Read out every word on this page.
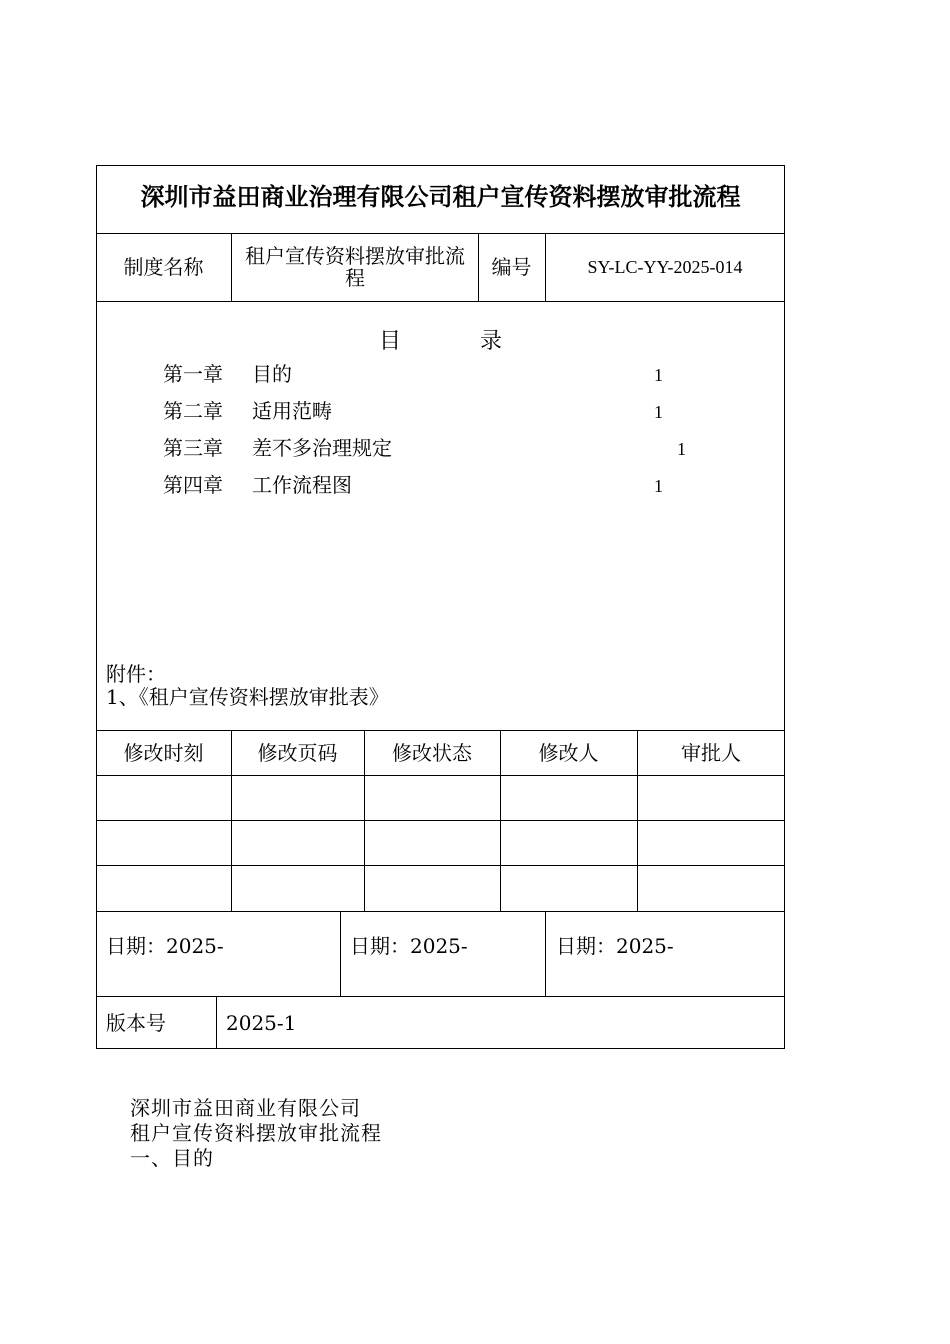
深圳市益田商业治理有限公司租户宣传资料摆放审批流程
制度名称	租户宣传资料摆放审批流程	编号	SY-LC-YY-2025-014
目 录
第一章 目的	1
第二章 适用范畴	1
第三章 差不多治理规定	1
第四章 工作流程图	1
附件：
1、《租户宣传资料摆放审批表》
修改时刻	修改页码	修改状态	修改人	审批人
日期：2025-	日期：2025-	日期：2025-
版本号	2025-1
深圳市益田商业有限公司
租户宣传资料摆放审批流程
一、目的
